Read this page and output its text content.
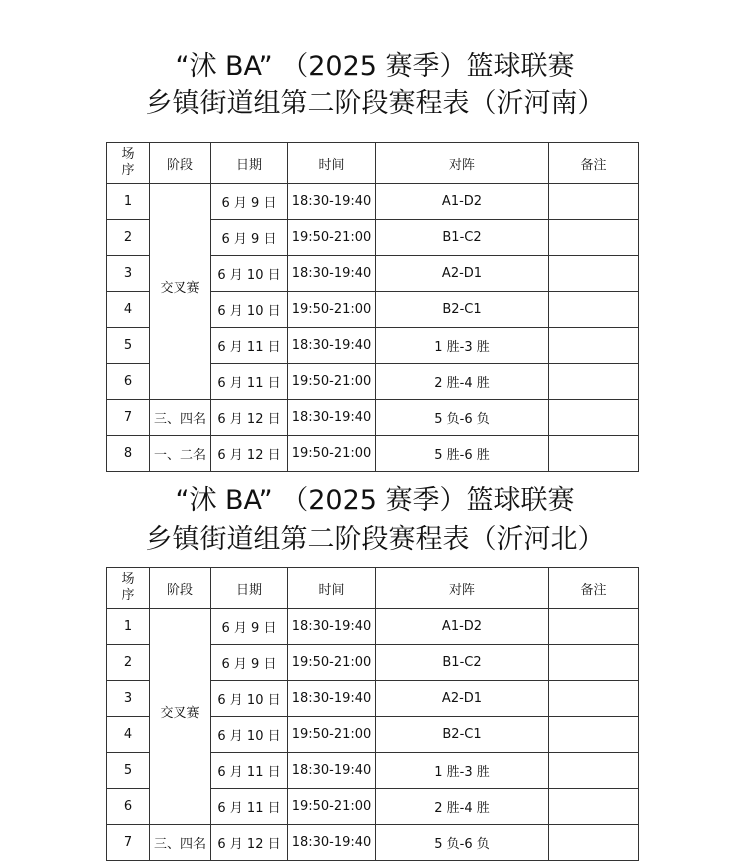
“沭 BA” （2025 赛季）篮球联赛
乡镇街道组第二阶段赛程表（沂河南）
场
序	阶段	日期	时间	对阵	备注
1	交叉赛	6 月 9 日	18:30-19:40	A1-D2	
2		6 月 9 日	19:50-21:00	B1-C2	
3		6 月 10 日	18:30-19:40	A2-D1	
4		6 月 10 日	19:50-21:00	B2-C1	
5		6 月 11 日	18:30-19:40	1 胜-3 胜	
6		6 月 11 日	19:50-21:00	2 胜-4 胜	
7	三、四名	6 月 12 日	18:30-19:40	5 负-6 负	
8	一、二名	6 月 12 日	19:50-21:00	5 胜-6 胜	
“沭 BA” （2025 赛季）篮球联赛
乡镇街道组第二阶段赛程表（沂河北）
场
序	阶段	日期	时间	对阵	备注
1	交叉赛	6 月 9 日	18:30-19:40	A1-D2	
2		6 月 9 日	19:50-21:00	B1-C2	
3		6 月 10 日	18:30-19:40	A2-D1	
4		6 月 10 日	19:50-21:00	B2-C1	
5		6 月 11 日	18:30-19:40	1 胜-3 胜	
6		6 月 11 日	19:50-21:00	2 胜-4 胜	
7	三、四名	6 月 12 日	18:30-19:40	5 负-6 负	
